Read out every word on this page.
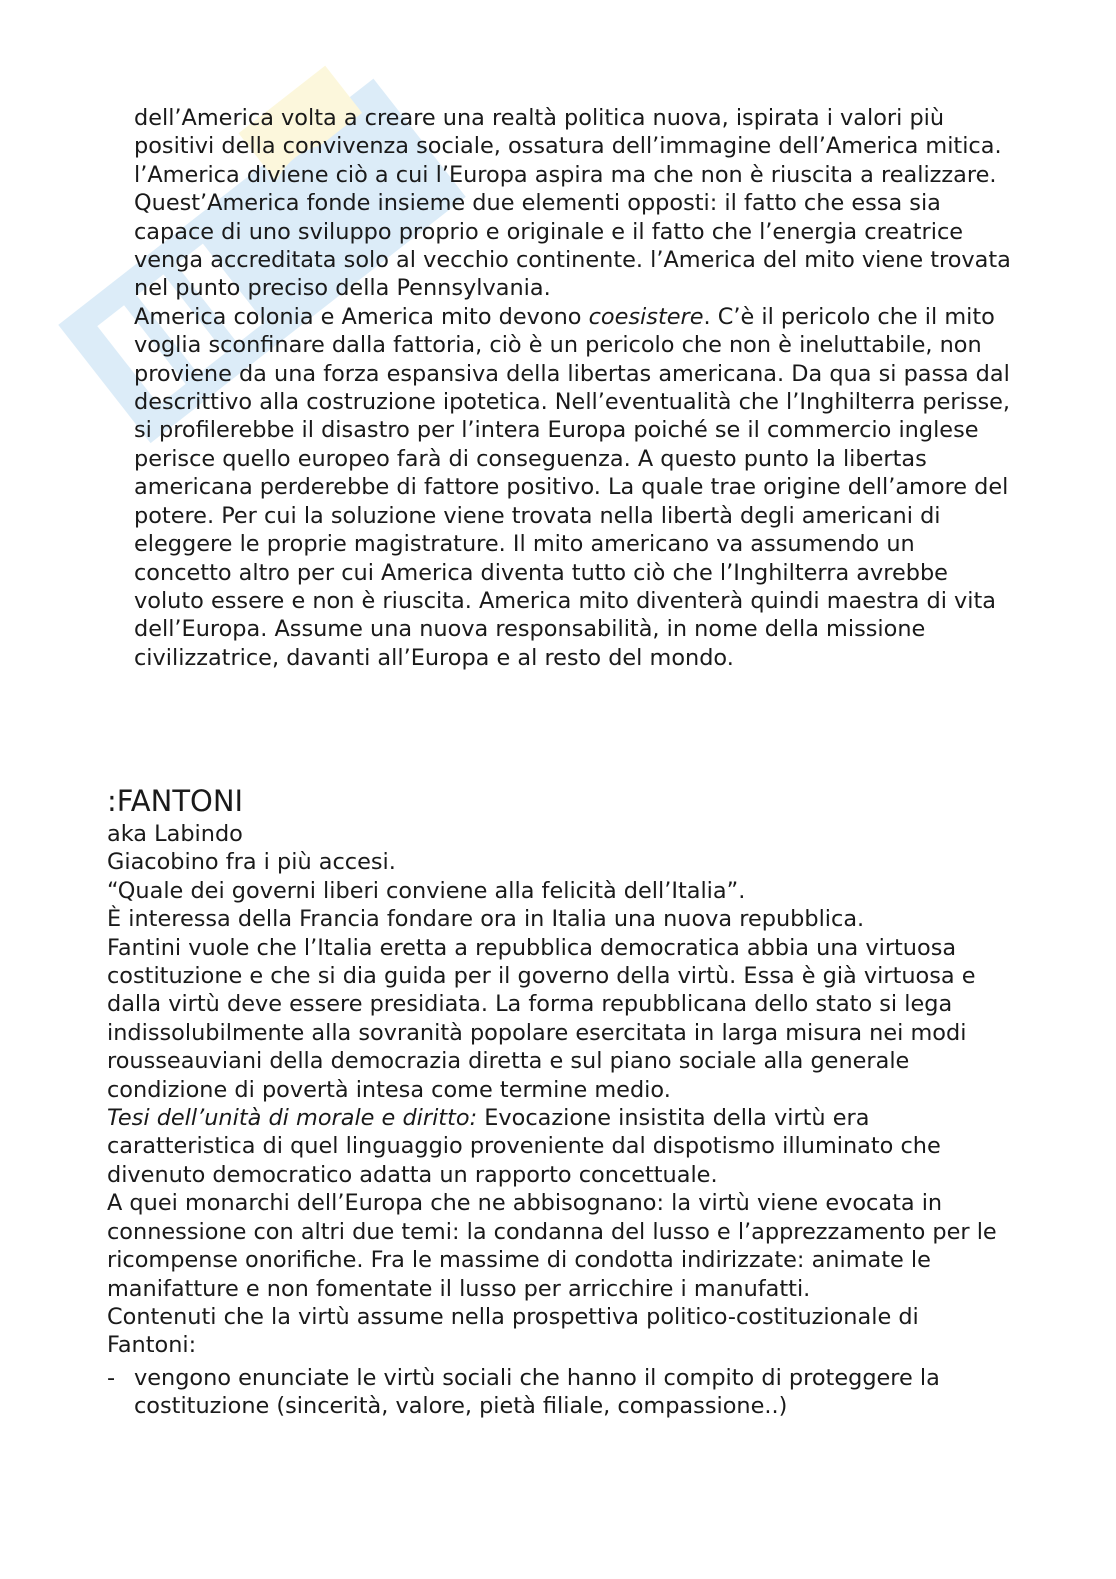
dell’America volta a creare una realtà politica nuova, ispirata i valori più positivi della convivenza sociale, ossatura dell’immagine dell’America mitica. l’America diviene ciò a cui l’Europa aspira ma che non è riuscita a realizzare. Quest’America fonde insieme due elementi opposti: il fatto che essa sia capace di uno sviluppo proprio e originale e il fatto che l’energia creatrice venga accreditata solo al vecchio continente. l’America del mito viene trovata nel punto preciso della Pennsylvania.

America colonia e America mito devono coesistere. C’è il pericolo che il mito voglia sconfinare dalla fattoria, ciò è un pericolo che non è ineluttabile, non proviene da una forza espansiva della libertas americana. Da qua si passa dal descrittivo alla costruzione ipotetica. Nell’eventualità che l’Inghilterra perisse, si profilerebbe il disastro per l’intera Europa poiché se il commercio inglese perisce quello europeo farà di conseguenza. A questo punto la libertas americana perderebbe di fattore positivo. La quale trae origine dell’amore del potere. Per cui la soluzione viene trovata nella libertà degli americani di eleggere le proprie magistrature. Il mito americano va assumendo un concetto altro per cui America diventa tutto ciò che l’Inghilterra avrebbe voluto essere e non è riuscita. America mito diventerà quindi maestra di vita dell’Europa. Assume una nuova responsabilità, in nome della missione civilizzatrice, davanti all’Europa e al resto del mondo.

:FANTONI

aka Labindo

Giacobino fra i più accesi.

“Quale dei governi liberi conviene alla felicità dell’Italia”.

È interessa della Francia fondare ora in Italia una nuova repubblica.

Fantini vuole che l’Italia eretta a repubblica democratica abbia una virtuosa costituzione e che si dia guida per il governo della virtù. Essa è già virtuosa e dalla virtù deve essere presidiata. La forma repubblicana dello stato si lega indissolubilmente alla sovranità popolare esercitata in larga misura nei modi rousseauviani della democrazia diretta e sul piano sociale alla generale condizione di povertà intesa come termine medio.

Tesi dell’unità di morale e diritto: Evocazione insistita della virtù era caratteristica di quel linguaggio proveniente dal dispotismo illuminato che divenuto democratico adatta un rapporto concettuale.

A quei monarchi dell’Europa che ne abbisognano: la virtù viene evocata in connessione con altri due temi: la condanna del lusso e l’apprezzamento per le ricompense onorifiche. Fra le massime di condotta indirizzate: animate le manifatture e non fomentate il lusso per arricchire i manufatti.

Contenuti che la virtù assume nella prospettiva politico-costituzionale di Fantoni:

- vengono enunciate le virtù sociali che hanno il compito di proteggere la costituzione (sincerità, valore, pietà filiale, compassione..)
